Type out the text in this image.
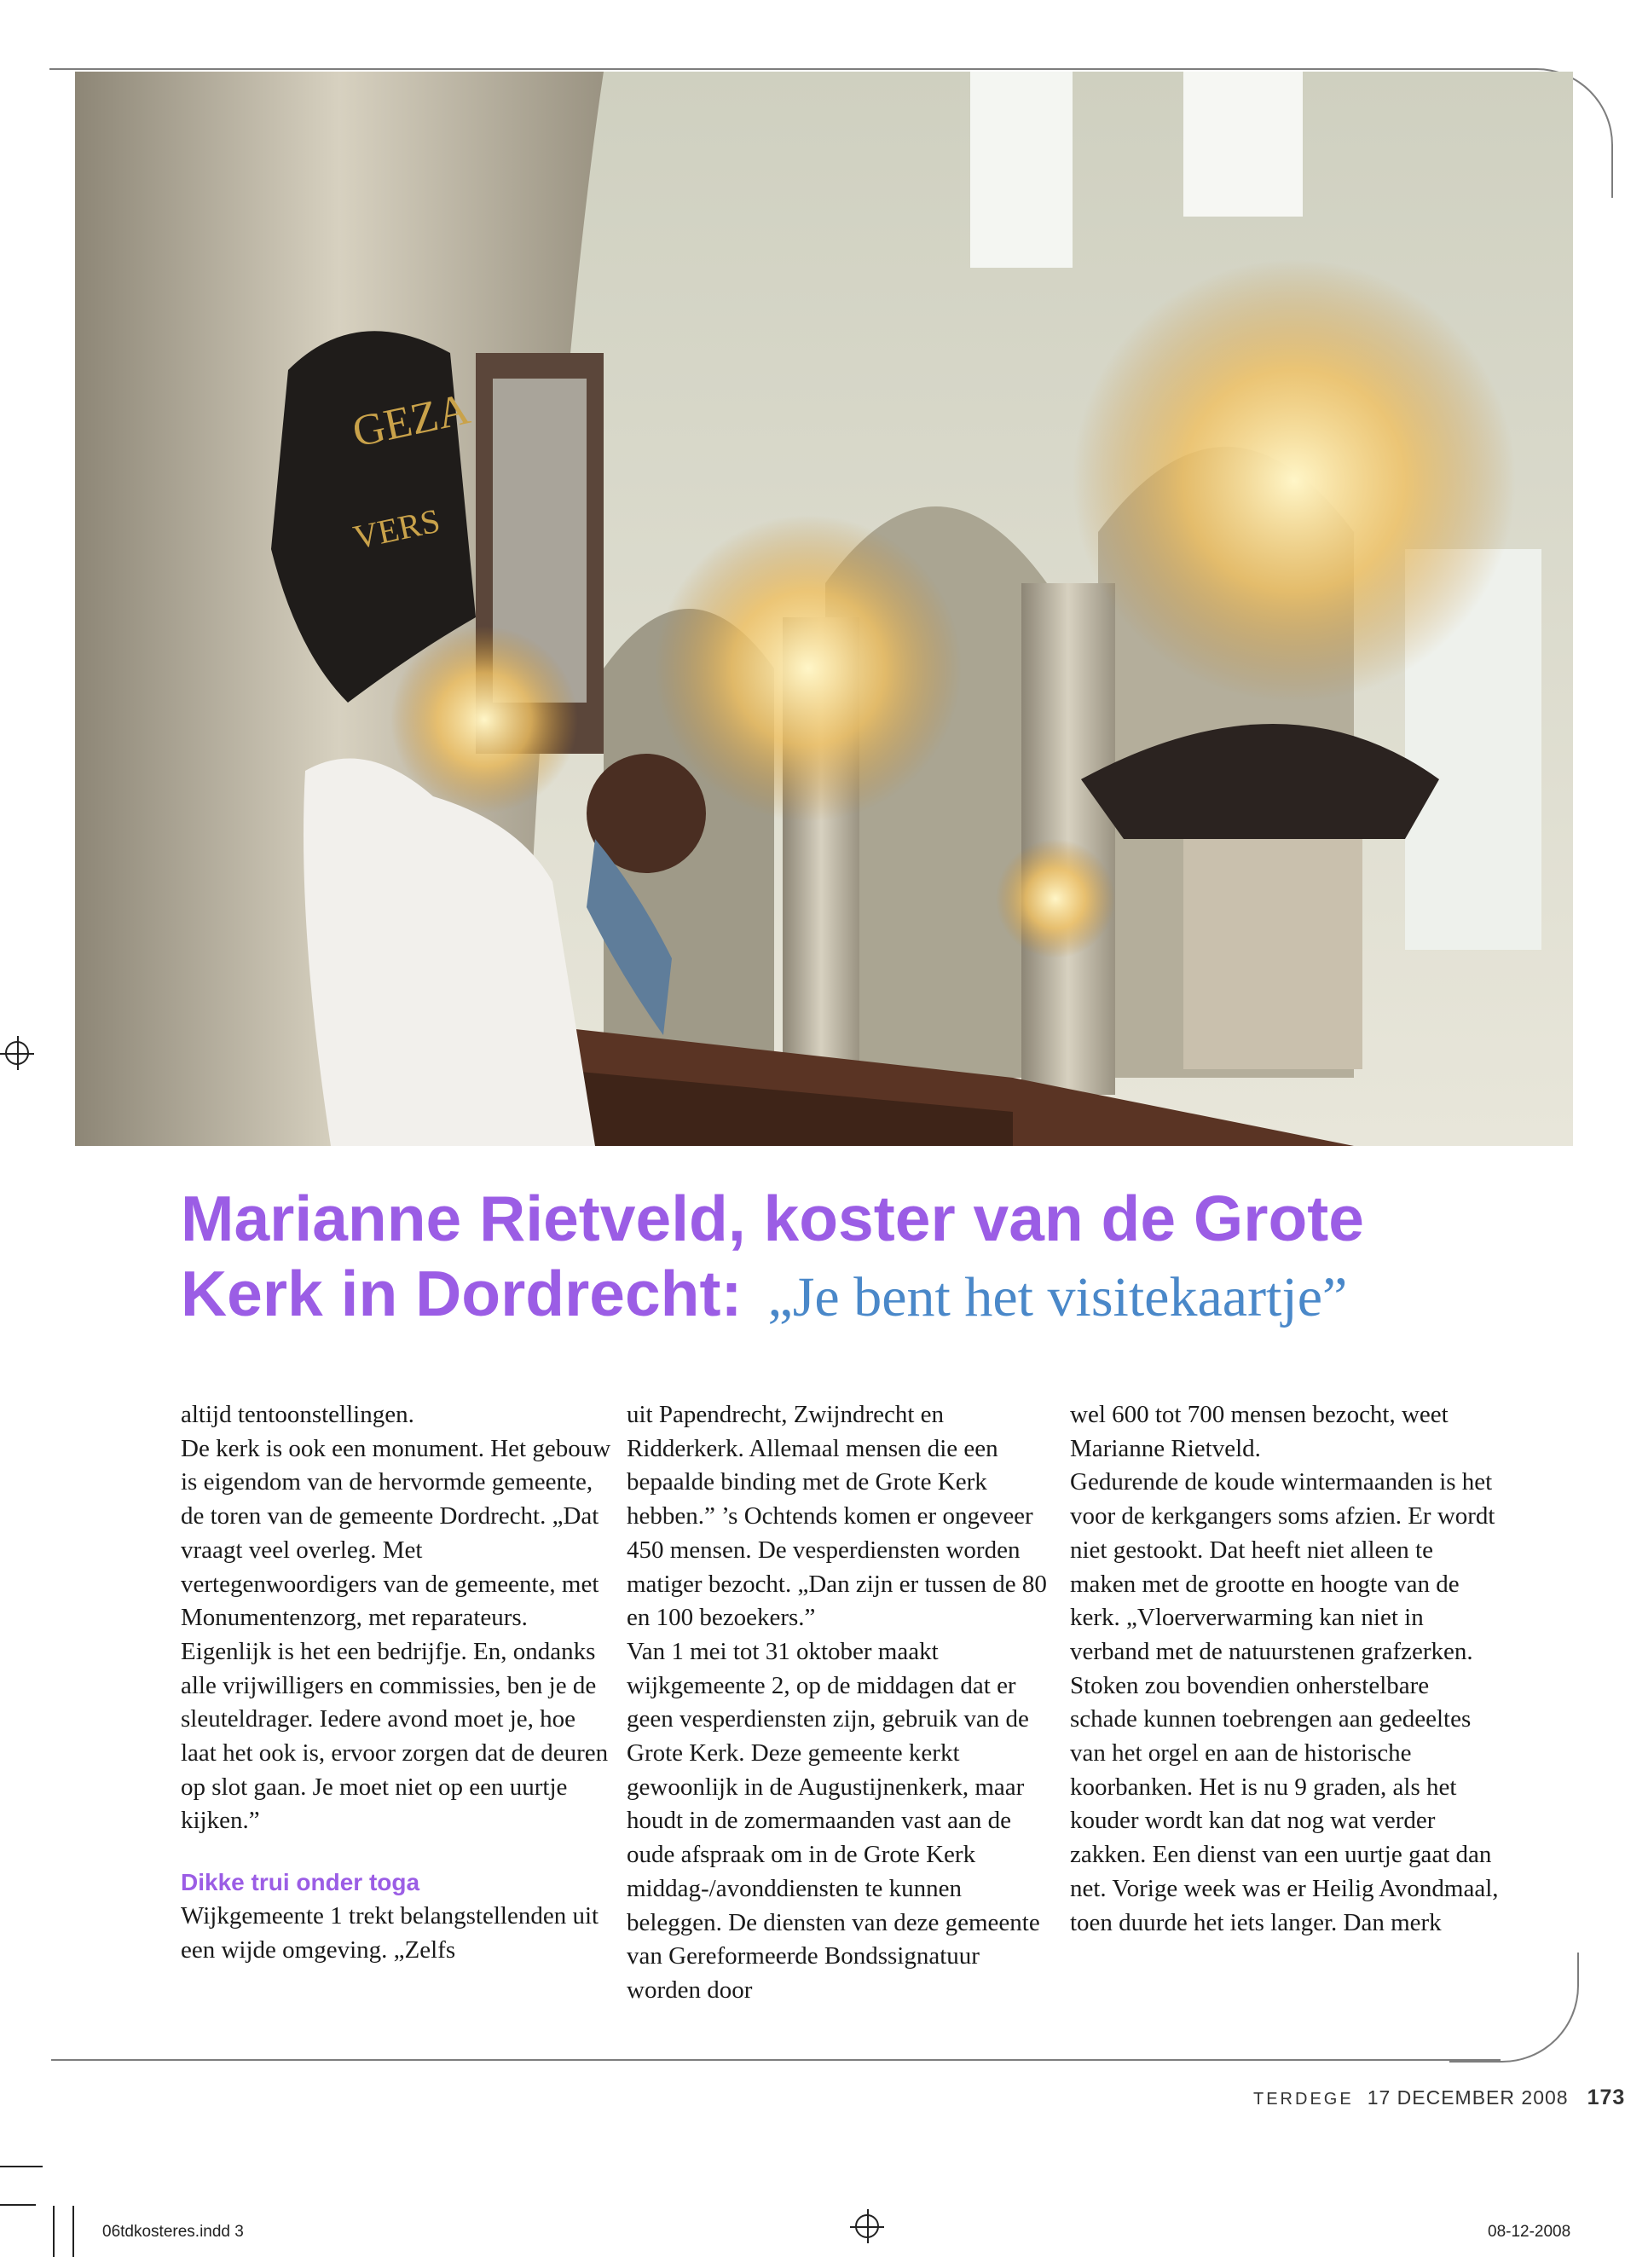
GEZA
VERS
Marianne Rietveld, koster van de Grote Kerk in Dordrecht: „Je bent het visitekaartje”

altijd tentoonstellingen.

De kerk is ook een monument. Het gebouw is eigendom van de hervormde gemeente, de toren van de gemeente Dordrecht. „Dat vraagt veel overleg. Met vertegenwoordigers van de gemeente, met Monumentenzorg, met reparateurs. Eigenlijk is het een bedrijfje. En, ondanks alle vrijwilligers en commissies, ben je de sleuteldrager. Iedere avond moet je, hoe laat het ook is, ervoor zorgen dat de deuren op slot gaan. Je moet niet op een uurtje kijken.”

Dikke trui onder toga

Wijkgemeente 1 trekt belangstellenden uit een wijde omgeving. „Zelfs

uit Papendrecht, Zwijndrecht en Ridderkerk. Allemaal mensen die een bepaalde binding met de Grote Kerk hebben.” ’s Ochtends komen er ongeveer 450 mensen. De vesperdiensten worden matiger bezocht. „Dan zijn er tussen de 80 en 100 bezoekers.”

Van 1 mei tot 31 oktober maakt wijkgemeente 2, op de middagen dat er geen vesperdiensten zijn, gebruik van de Grote Kerk. Deze gemeente kerkt gewoonlijk in de Augustijnenkerk, maar houdt in de zomermaanden vast aan de oude afspraak om in de Grote Kerk middag-/avonddiensten te kunnen beleggen. De diensten van deze gemeente van Gereformeerde Bondssignatuur worden door

wel 600 tot 700 mensen bezocht, weet Marianne Rietveld.

Gedurende de koude wintermaanden is het voor de kerkgangers soms afzien. Er wordt niet gestookt. Dat heeft niet alleen te maken met de grootte en hoogte van de kerk. „Vloerverwarming kan niet in verband met de natuurstenen grafzerken. Stoken zou bovendien onherstelbare schade kunnen toebrengen aan gedeeltes van het orgel en aan de historische koorbanken. Het is nu 9 graden, als het kouder wordt kan dat nog wat verder zakken. Een dienst van een uurtje gaat dan net. Vorige week was er Heilig Avondmaal, toen duurde het iets langer. Dan merk

TERDEGE 17 DECEMBER 2008 173
06tdkosteres.indd 3	08-12-2008
